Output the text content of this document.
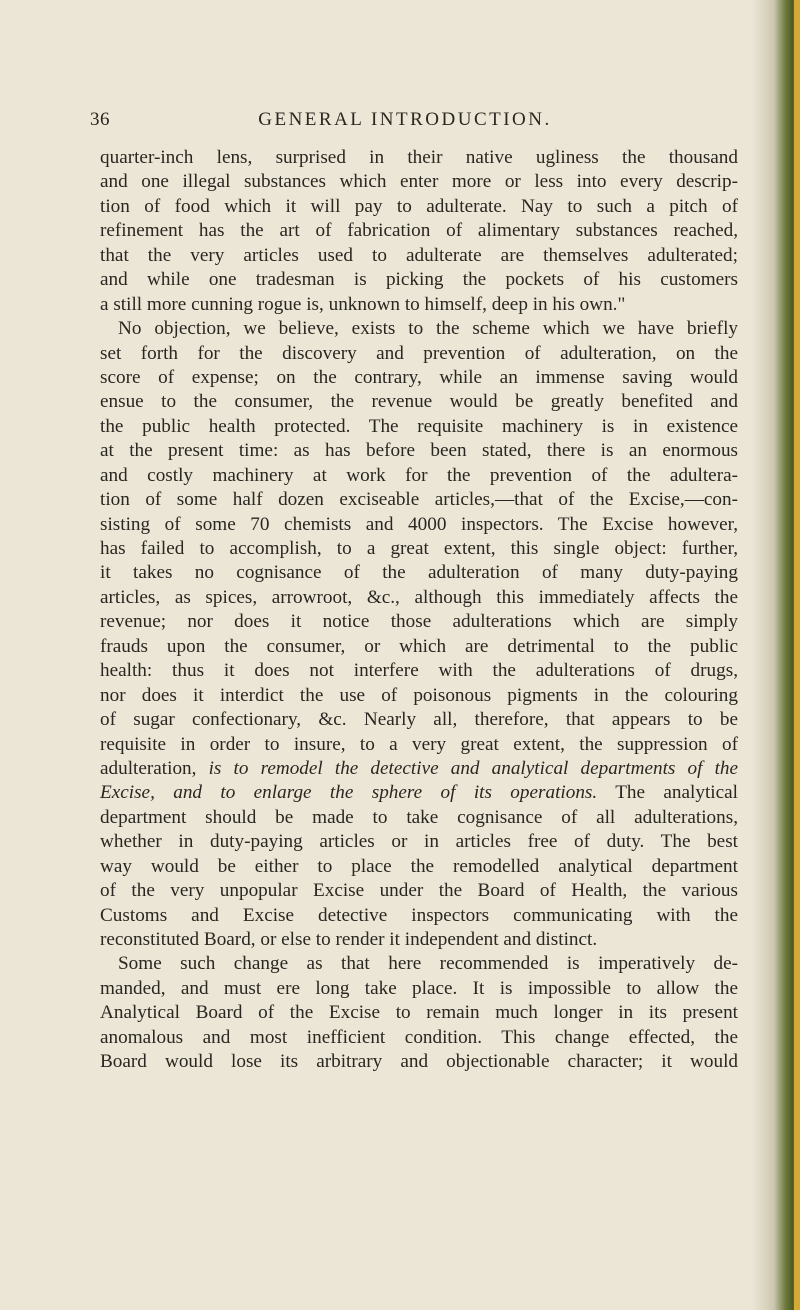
36	GENERAL INTRODUCTION.
quarter-inch lens, surprised in their native ugliness the thousand
and one illegal substances which enter more or less into every descrip-
tion of food which it will pay to adulterate. Nay to such a pitch of
refinement has the art of fabrication of alimentary substances reached,
that the very articles used to adulterate are themselves adulterated;
and while one tradesman is picking the pockets of his customers
a still more cunning rogue is, unknown to himself, deep in his own."
No objection, we believe, exists to the scheme which we have briefly
set forth for the discovery and prevention of adulteration, on the
score of expense; on the contrary, while an immense saving would
ensue to the consumer, the revenue would be greatly benefited and
the public health protected. The requisite machinery is in existence
at the present time: as has before been stated, there is an enormous
and costly machinery at work for the prevention of the adultera-
tion of some half dozen exciseable articles,—that of the Excise,—con-
sisting of some 70 chemists and 4000 inspectors. The Excise however,
has failed to accomplish, to a great extent, this single object: further,
it takes no cognisance of the adulteration of many duty-paying
articles, as spices, arrowroot, &c., although this immediately affects the
revenue; nor does it notice those adulterations which are simply
frauds upon the consumer, or which are detrimental to the public
health: thus it does not interfere with the adulterations of drugs,
nor does it interdict the use of poisonous pigments in the colouring
of sugar confectionary, &c. Nearly all, therefore, that appears to be
requisite in order to insure, to a very great extent, the suppression of
adulteration, is to remodel the detective and analytical departments of the
Excise, and to enlarge the sphere of its operations. The analytical
department should be made to take cognisance of all adulterations,
whether in duty-paying articles or in articles free of duty. The best
way would be either to place the remodelled analytical department
of the very unpopular Excise under the Board of Health, the various
Customs and Excise detective inspectors communicating with the
reconstituted Board, or else to render it independent and distinct.
Some such change as that here recommended is imperatively de-
manded, and must ere long take place. It is impossible to allow the
Analytical Board of the Excise to remain much longer in its present
anomalous and most inefficient condition. This change effected, the
Board would lose its arbitrary and objectionable character; it would
